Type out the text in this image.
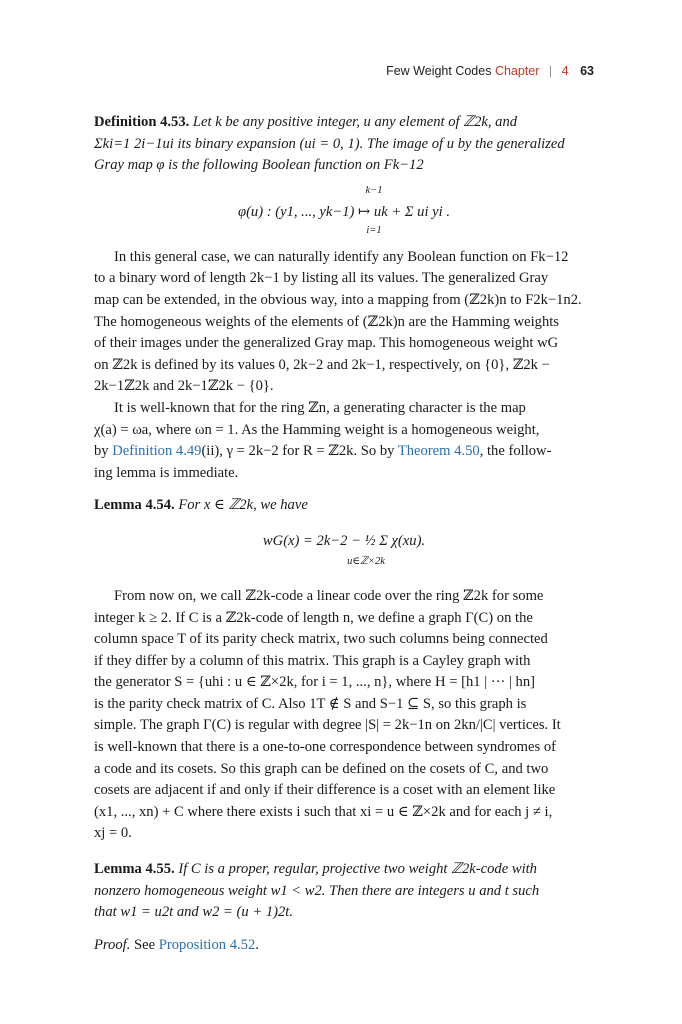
Few Weight Codes Chapter | 4 63

Definition 4.53. Let k be any positive integer, u any element of ℤ2k, and

Σki=1 2i−1ui its binary expansion (ui = 0, 1). The image of u by the generalized

Gray map φ is the following Boolean function on Fk−12

k−1
φ(u) : (y1, ..., yk−1) ↦ uk + Σ ui yi .
i=1

In this general case, we can naturally identify any Boolean function on Fk−12

to a binary word of length 2k−1 by listing all its values. The generalized Gray

map can be extended, in the obvious way, into a mapping from (ℤ2k)n to F2k−1n2.

The homogeneous weights of the elements of (ℤ2k)n are the Hamming weights

of their images under the generalized Gray map. This homogeneous weight wG

on ℤ2k is defined by its values 0, 2k−2 and 2k−1, respectively, on {0}, ℤ2k −

2k−1ℤ2k and 2k−1ℤ2k − {0}.

It is well-known that for the ring ℤn, a generating character is the map

χ(a) = ωa, where ωn = 1. As the Hamming weight is a homogeneous weight,

by Definition 4.49(ii), γ = 2k−2 for R = ℤ2k. So by Theorem 4.50, the follow-

ing lemma is immediate.

Lemma 4.54. For x ∈ ℤ2k, we have

wG(x) = 2k−2 − ½ Σ χ(xu).
u∈ℤ×2k

From now on, we call ℤ2k-code a linear code over the ring ℤ2k for some

integer k ≥ 2. If C is a ℤ2k-code of length n, we define a graph Γ(C) on the

column space T of its parity check matrix, two such columns being connected

if they differ by a column of this matrix. This graph is a Cayley graph with

the generator S = {uhi : u ∈ ℤ×2k, for i = 1, ..., n}, where H = [h1 | ··· | hn]

is the parity check matrix of C. Also 1T ∉ S and S−1 ⊆ S, so this graph is

simple. The graph Γ(C) is regular with degree |S| = 2k−1n on 2kn/|C| vertices. It

is well-known that there is a one-to-one correspondence between syndromes of

a code and its cosets. So this graph can be defined on the cosets of C, and two

cosets are adjacent if and only if their difference is a coset with an element like

(x1, ..., xn) + C where there exists i such that xi = u ∈ ℤ×2k and for each j ≠ i,

xj = 0.

Lemma 4.55. If C is a proper, regular, projective two weight ℤ2k-code with

nonzero homogeneous weight w1 < w2. Then there are integers u and t such

that w1 = u2t and w2 = (u + 1)2t.

Proof. See Proposition 4.52.
